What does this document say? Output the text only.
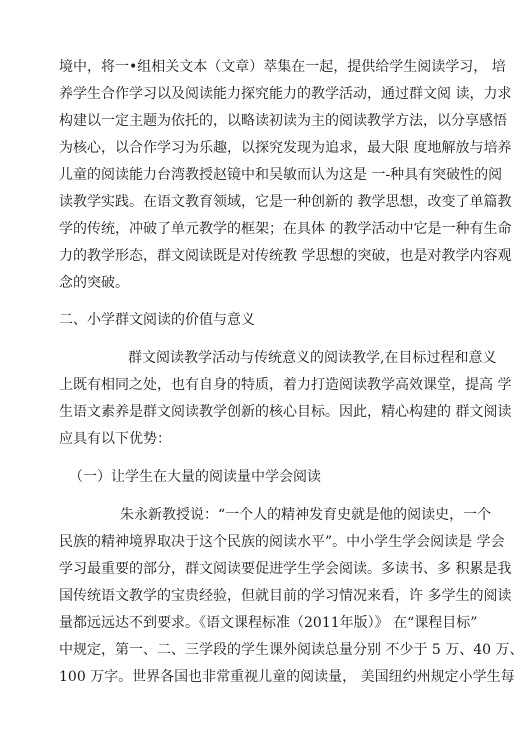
境中，将一•组相关文本（文章）萃集在一起，提供给学生阅读学习， 培
养学生合作学习以及阅读能力探究能力的教学活动，通过群文阅 读，力求
构建以一定主题为依托的，以略读初读为主的阅读教学方法，以分享感悟
为核心，以合作学习为乐趣，以探究发现为追求，最大限 度地解放与培养
儿童的阅读能力台湾教授赵镜中和吴敏而认为这是 一-种具有突破性的阅
读教学实践。在语文教育领域，它是一种创新的 教学思想，改变了单篇教
学的传统，冲破了单元教学的框架；在具体 的教学活动中它是一种有生命
力的教学形态，群文阅读既是对传统教 学思想的突破，也是对教学内容观
念的突破。
二、小学群文阅读的价值与意义
群文阅读教学活动与传统意义的阅读教学,在目标过程和意义
上既有相同之处，也有自身的特质，着力打造阅读教学高效课堂，提高 学
生语文素养是群文阅读教学创新的核心目标。因此，精心构建的 群文阅读
应具有以下优势：
（一）让学生在大量的阅读量中学会阅读
朱永新教授说：“一个人的精神发育史就是他的阅读史，一个
民族的精神境界取决于这个民族的阅读水平”。中小学生学会阅读是 学会
学习最重要的部分，群文阅读要促进学生学会阅读。多读书、多 积累是我
国传统语文教学的宝贵经验，但就目前的学习情况来看，许 多学生的阅读
量都远远达不到要求。《语文课程标准（2011年版）》 在“课程目标”
中规定，第一、二、三学段的学生课外阅读总量分别 不少于 5 万、40 万、
100 万字。世界各国也非常重视儿童的阅读量， 美国纽约州规定小学生每
